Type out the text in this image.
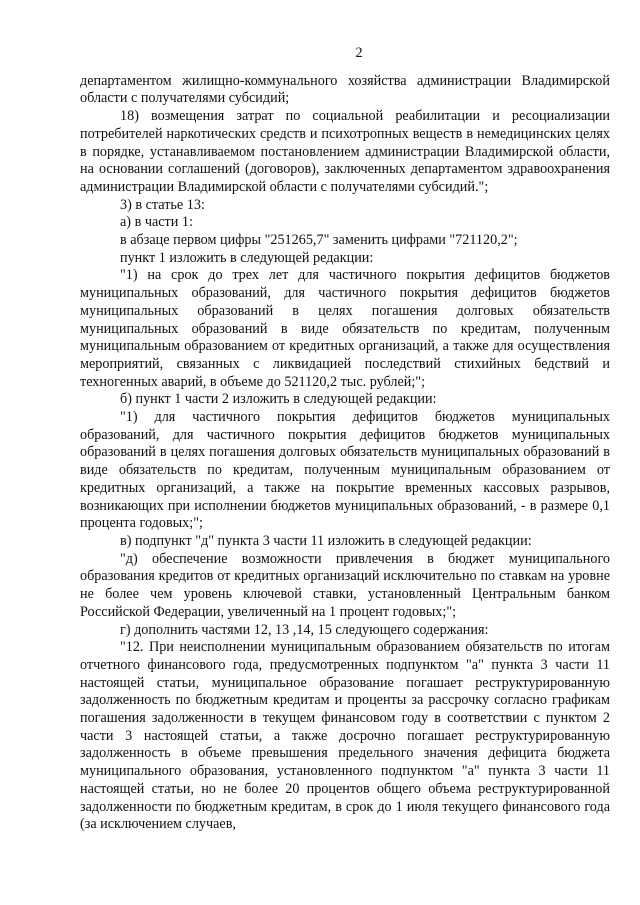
2

департаментом жилищно-коммунального хозяйства администрации Владимирской области с получателями субсидий;

18) возмещения затрат по социальной реабилитации и ресоциализации потребителей наркотических средств и психотропных веществ в немедицинских целях в порядке, устанавливаемом постановлением администрации Владимирской области, на основании соглашений (договоров), заключенных департаментом здравоохранения администрации Владимирской области с получателями субсидий.";

3) в статье 13:

а) в части 1:

в абзаце первом цифры "251265,7" заменить цифрами "721120,2";

пункт 1 изложить в следующей редакции:

"1) на срок до трех лет для частичного покрытия дефицитов бюджетов муниципальных образований, для частичного покрытия дефицитов бюджетов муниципальных образований в целях погашения долговых обязательств муниципальных образований в виде обязательств по кредитам, полученным муниципальным образованием от кредитных организаций, а также для осуществления мероприятий, связанных с ликвидацией последствий стихийных бедствий и техногенных аварий, в объеме до 521120,2 тыс. рублей;";

б) пункт 1 части 2 изложить в следующей редакции:

"1) для частичного покрытия дефицитов бюджетов муниципальных образований, для частичного покрытия дефицитов бюджетов муниципальных образований в целях погашения долговых обязательств муниципальных образований в виде обязательств по кредитам, полученным муниципальным образованием от кредитных организаций, а также на покрытие временных кассовых разрывов, возникающих при исполнении бюджетов муниципальных образований, - в размере 0,1 процента годовых;";

в) подпункт "д" пункта 3 части 11 изложить в следующей редакции:

"д) обеспечение возможности привлечения в бюджет муниципального образования кредитов от кредитных организаций исключительно по ставкам на уровне не более чем уровень ключевой ставки, установленный Центральным банком Российской Федерации, увеличенный на 1 процент годовых;";

г) дополнить частями 12, 13 ,14, 15 следующего содержания:

"12. При неисполнении муниципальным образованием обязательств по итогам отчетного финансового года, предусмотренных подпунктом "а" пункта 3 части 11 настоящей статьи, муниципальное образование погашает реструктурированную задолженность по бюджетным кредитам и проценты за рассрочку согласно графикам погашения задолженности в текущем финансовом году в соответствии с пунктом 2 части 3 настоящей статьи, а также досрочно погашает реструктурированную задолженность в объеме превышения предельного значения дефицита бюджета муниципального образования, установленного подпунктом "а" пункта 3 части 11 настоящей статьи, но не более 20 процентов общего объема реструктурированной задолженности по бюджетным кредитам, в срок до 1 июля текущего финансового года (за исключением случаев,
